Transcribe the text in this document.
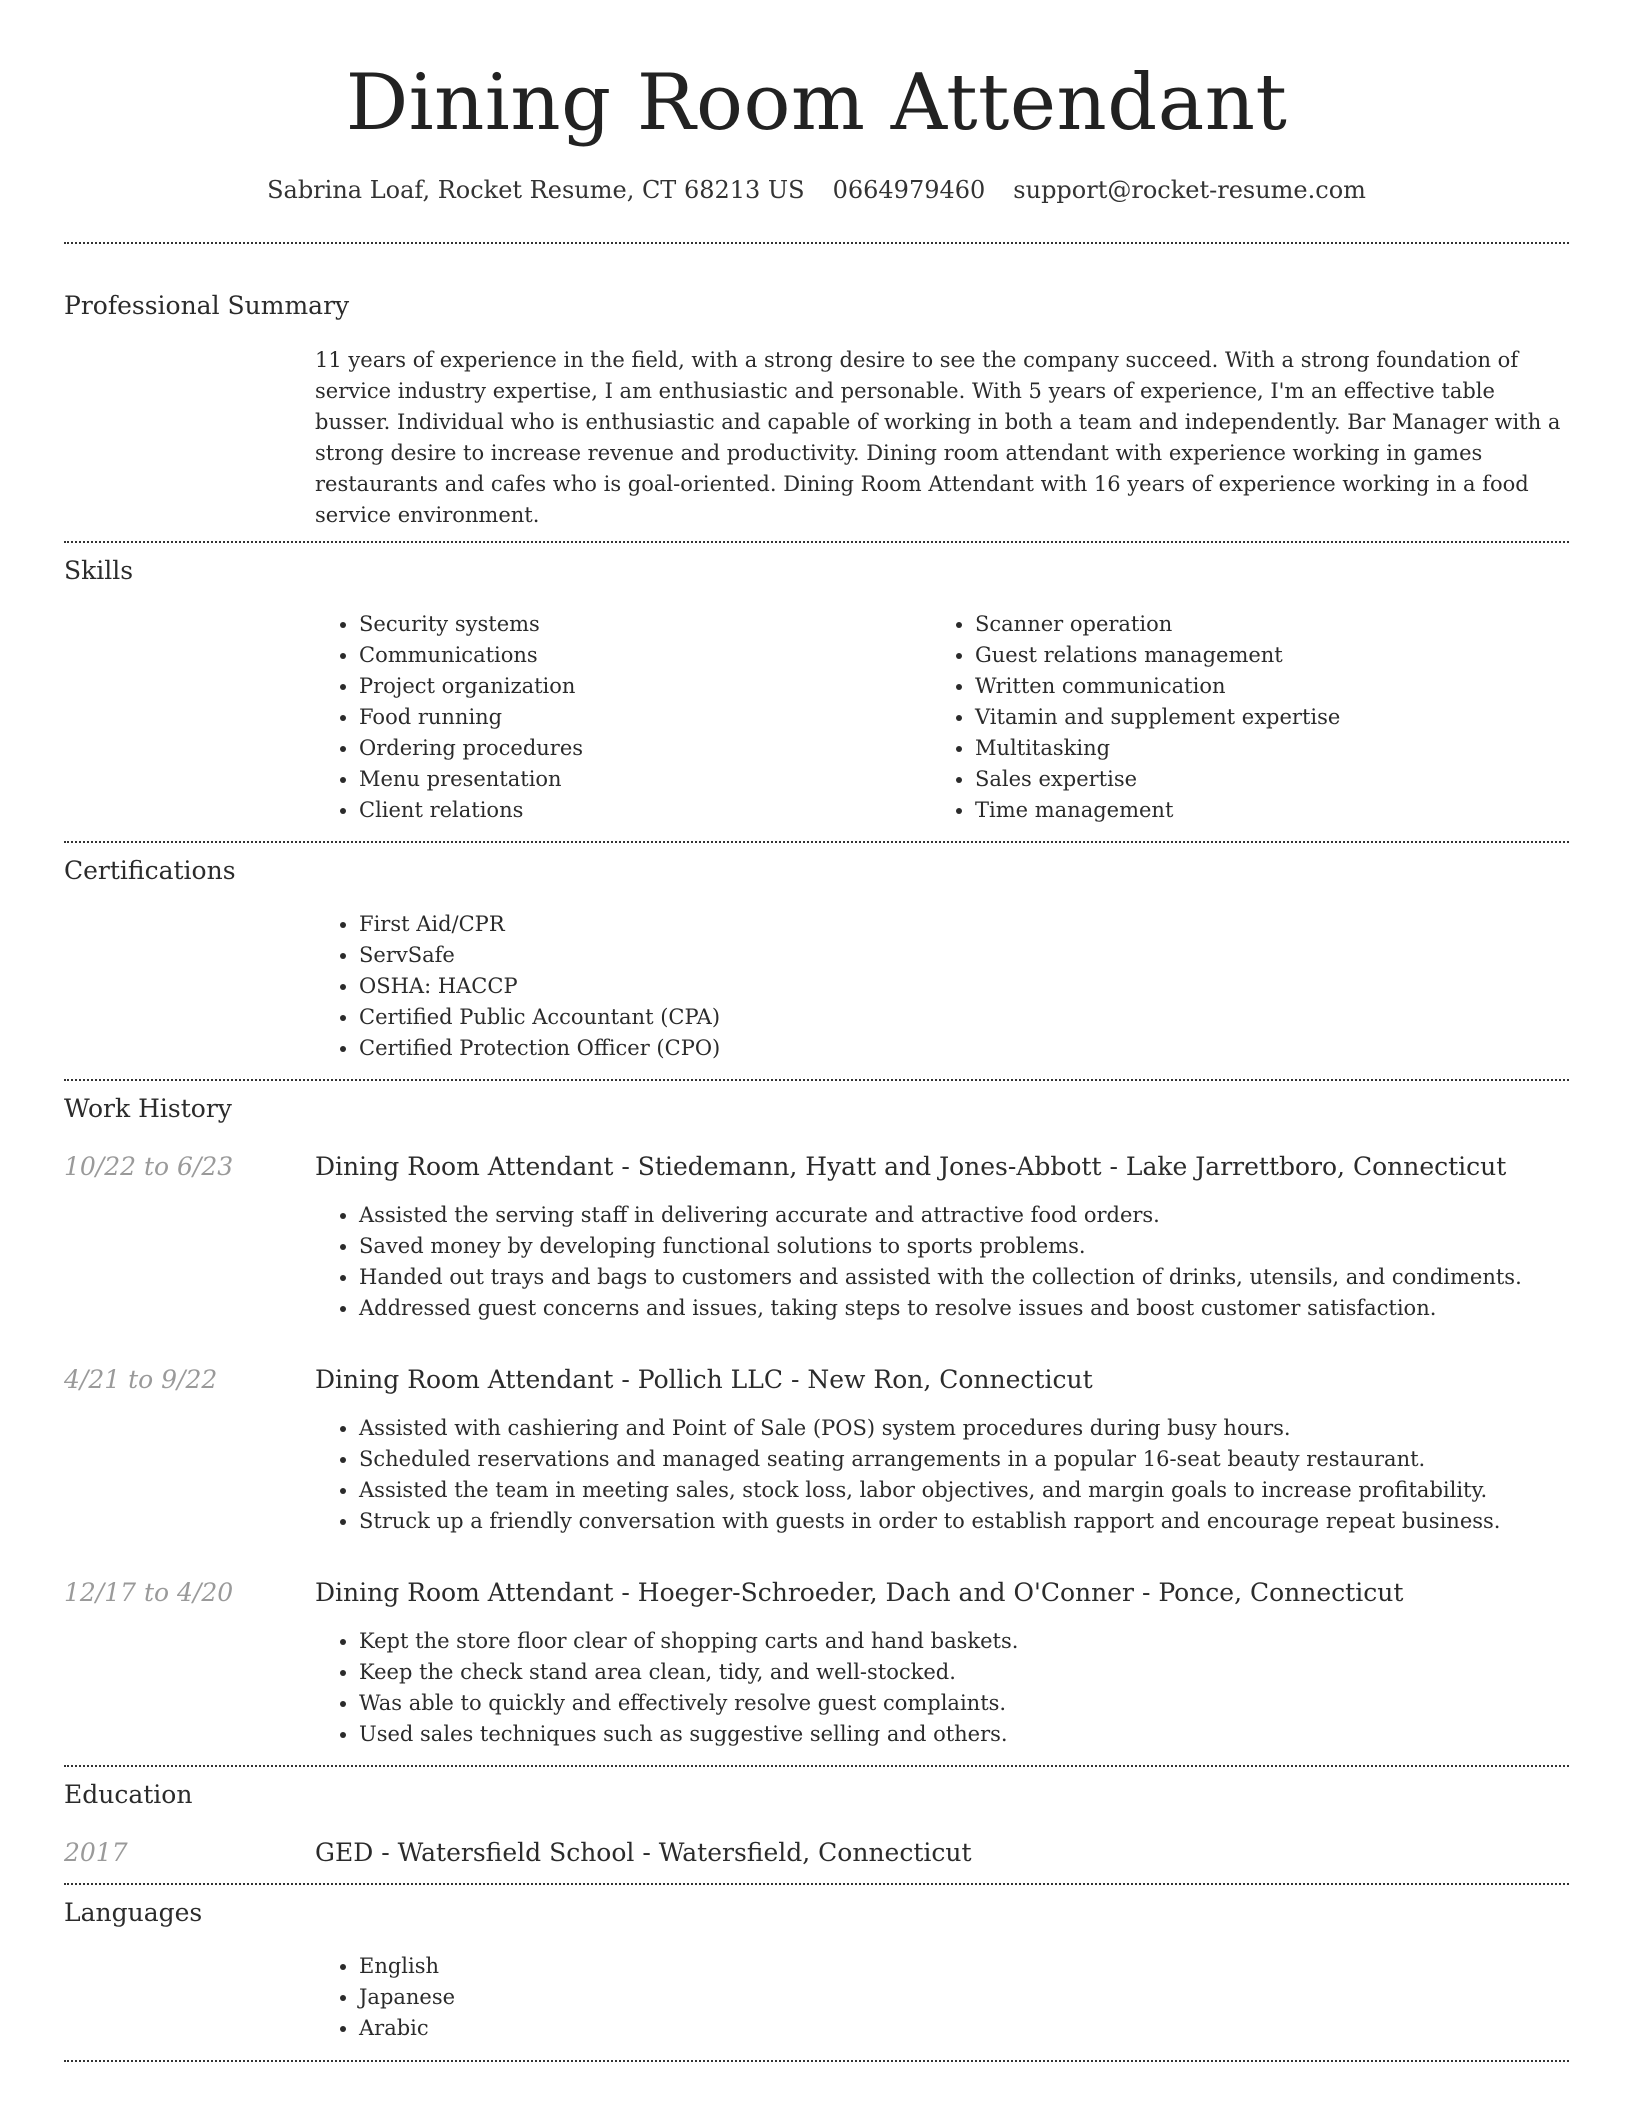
Dining Room Attendant
Sabrina Loaf, Rocket Resume, CT 68213 US 0664979460 support@rocket-resume.com
Professional Summary

11 years of experience in the field, with a strong desire to see the company succeed. With a strong foundation of service industry expertise, I am enthusiastic and personable. With 5 years of experience, I'm an effective table busser. Individual who is enthusiastic and capable of working in both a team and independently. Bar Manager with a strong desire to increase revenue and productivity. Dining room attendant with experience working in games restaurants and cafes who is goal-oriented. Dining Room Attendant with 16 years of experience working in a food service environment.

Skills
• Security systems
• Communications
• Project organization
• Food running
• Ordering procedures
• Menu presentation
• Client relations
• Scanner operation
• Guest relations management
• Written communication
• Vitamin and supplement expertise
• Multitasking
• Sales expertise
• Time management
Certifications
• First Aid/CPR
• ServSafe
• OSHA: HACCP
• Certified Public Accountant (CPA)
• Certified Protection Officer (CPO)
Work History
10/22 to 6/23	Dining Room Attendant - Stiedemann, Hyatt and Jones-Abbott - Lake Jarrettboro, Connecticut
• Assisted the serving staff in delivering accurate and attractive food orders.
• Saved money by developing functional solutions to sports problems.
• Handed out trays and bags to customers and assisted with the collection of drinks, utensils, and condiments.
• Addressed guest concerns and issues, taking steps to resolve issues and boost customer satisfaction.
4/21 to 9/22	Dining Room Attendant - Pollich LLC - New Ron, Connecticut
• Assisted with cashiering and Point of Sale (POS) system procedures during busy hours.
• Scheduled reservations and managed seating arrangements in a popular 16-seat beauty restaurant.
• Assisted the team in meeting sales, stock loss, labor objectives, and margin goals to increase profitability.
• Struck up a friendly conversation with guests in order to establish rapport and encourage repeat business.
12/17 to 4/20	Dining Room Attendant - Hoeger-Schroeder, Dach and O'Conner - Ponce, Connecticut
• Kept the store floor clear of shopping carts and hand baskets.
• Keep the check stand area clean, tidy, and well-stocked.
• Was able to quickly and effectively resolve guest complaints.
• Used sales techniques such as suggestive selling and others.
Education
2017	GED - Watersfield School - Watersfield, Connecticut
Languages
• English
• Japanese
• Arabic
